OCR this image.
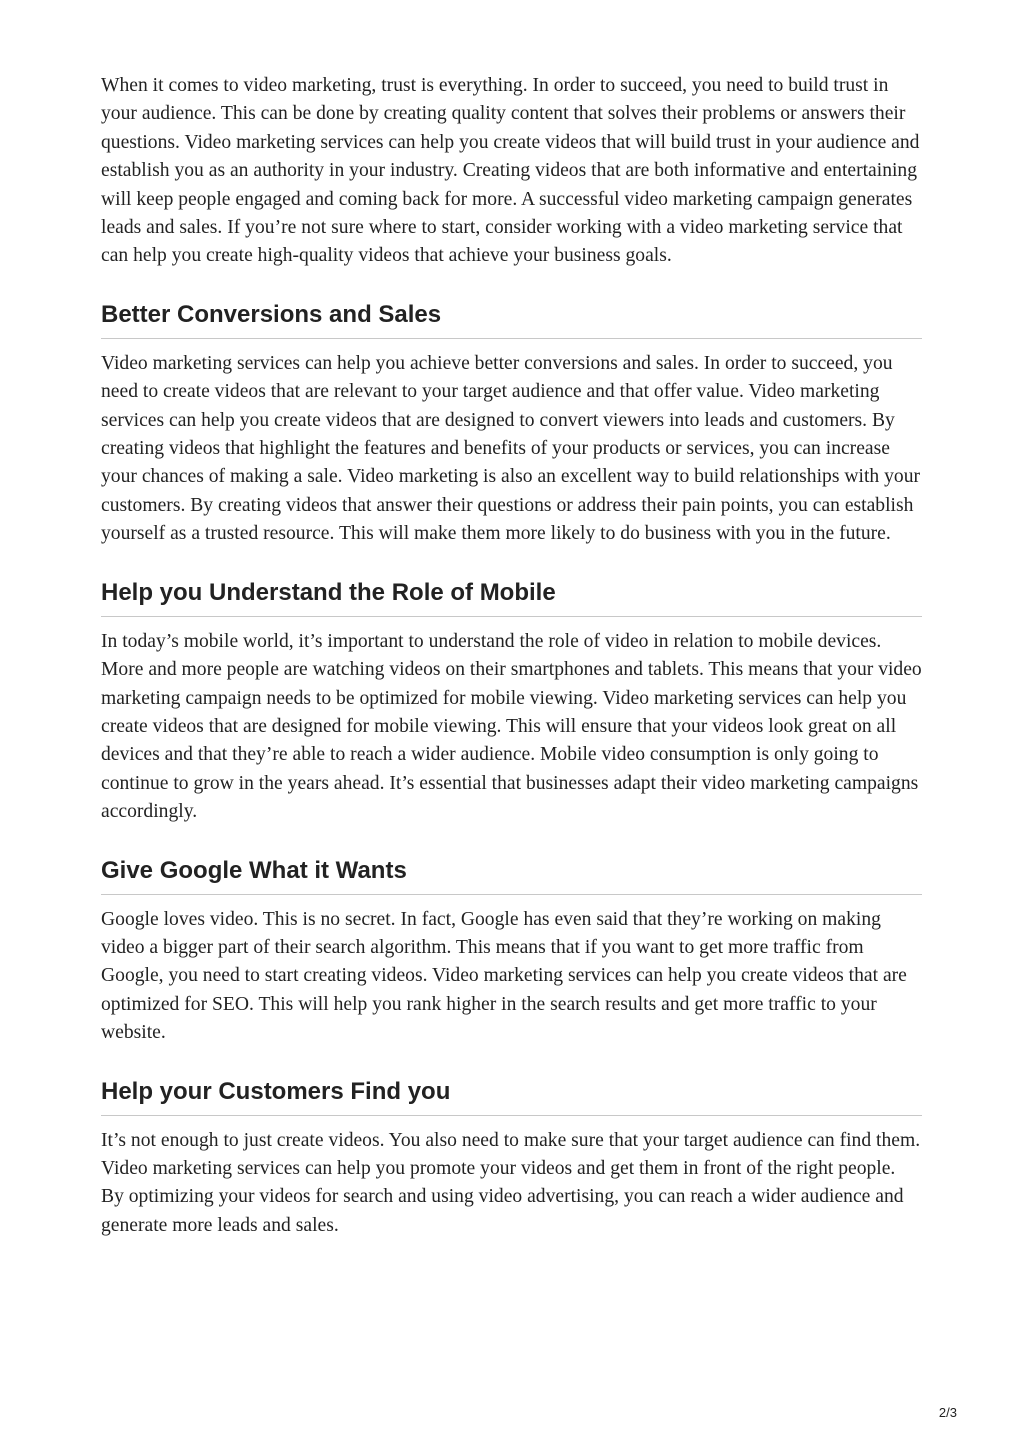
When it comes to video marketing, trust is everything. In order to succeed, you need to build trust in your audience. This can be done by creating quality content that solves their problems or answers their questions. Video marketing services can help you create videos that will build trust in your audience and establish you as an authority in your industry. Creating videos that are both informative and entertaining will keep people engaged and coming back for more. A successful video marketing campaign generates leads and sales. If you’re not sure where to start, consider working with a video marketing service that can help you create high-quality videos that achieve your business goals.

Better Conversions and Sales

Video marketing services can help you achieve better conversions and sales. In order to succeed, you need to create videos that are relevant to your target audience and that offer value. Video marketing services can help you create videos that are designed to convert viewers into leads and customers. By creating videos that highlight the features and benefits of your products or services, you can increase your chances of making a sale. Video marketing is also an excellent way to build relationships with your customers. By creating videos that answer their questions or address their pain points, you can establish yourself as a trusted resource. This will make them more likely to do business with you in the future.

Help you Understand the Role of Mobile

In today’s mobile world, it’s important to understand the role of video in relation to mobile devices. More and more people are watching videos on their smartphones and tablets. This means that your video marketing campaign needs to be optimized for mobile viewing. Video marketing services can help you create videos that are designed for mobile viewing. This will ensure that your videos look great on all devices and that they’re able to reach a wider audience. Mobile video consumption is only going to continue to grow in the years ahead. It’s essential that businesses adapt their video marketing campaigns accordingly.

Give Google What it Wants

Google loves video. This is no secret. In fact, Google has even said that they’re working on making video a bigger part of their search algorithm. This means that if you want to get more traffic from Google, you need to start creating videos. Video marketing services can help you create videos that are optimized for SEO. This will help you rank higher in the search results and get more traffic to your website.

Help your Customers Find you

It’s not enough to just create videos. You also need to make sure that your target audience can find them. Video marketing services can help you promote your videos and get them in front of the right people. By optimizing your videos for search and using video advertising, you can reach a wider audience and generate more leads and sales.

2/3
